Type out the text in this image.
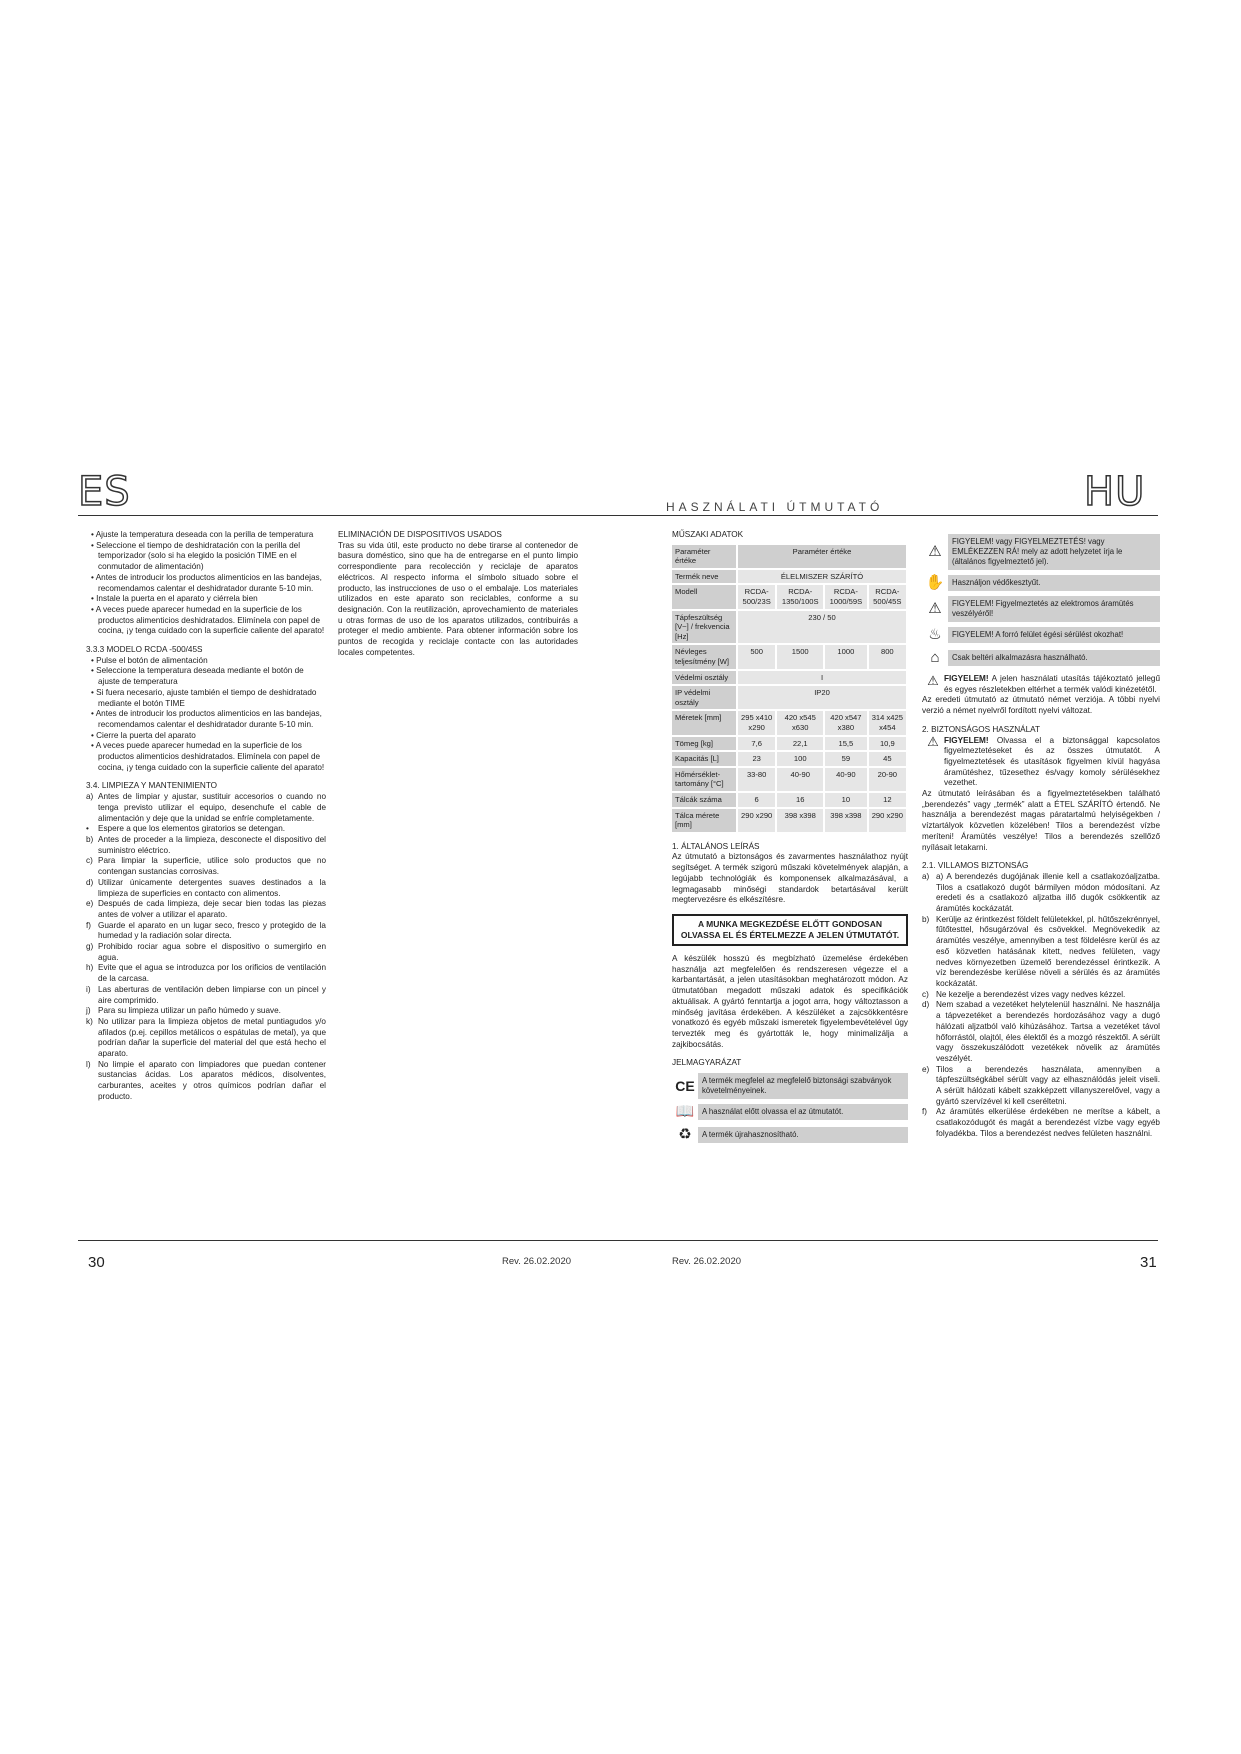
ES	HASZNÁLATI ÚTMUTATÓ	HU

• Ajuste la temperatura deseada con la perilla de temperatura

• Seleccione el tiempo de deshidratación con la perilla del temporizador (solo si ha elegido la posición TIME en el conmutador de alimentación)

• Antes de introducir los productos alimenticios en las bandejas, recomendamos calentar el deshidratador durante 5-10 min.

• Instale la puerta en el aparato y ciérrela bien

• A veces puede aparecer humedad en la superficie de los productos alimenticios deshidratados. Elimínela con papel de cocina, ¡y tenga cuidado con la superficie caliente del aparato!

3.3.3 MODELO RCDA -500/45S

• Pulse el botón de alimentación

• Seleccione la temperatura deseada mediante el botón de ajuste de temperatura

• Si fuera necesario, ajuste también el tiempo de deshidratado mediante el botón TIME

• Antes de introducir los productos alimenticios en las bandejas, recomendamos calentar el deshidratador durante 5-10 min.

• Cierre la puerta del aparato

• A veces puede aparecer humedad en la superficie de los productos alimenticios deshidratados. Elimínela con papel de cocina, ¡y tenga cuidado con la superficie caliente del aparato!

3.4. LIMPIEZA Y MANTENIMIENTO

a) Antes de limpiar y ajustar, sustituir accesorios o cuando no tenga previsto utilizar el equipo, desenchufe el cable de alimentación y deje que la unidad se enfríe completamente.
•	Espere a que los elementos giratorios se detengan.
b) Antes de proceder a la limpieza, desconecte el dispositivo del suministro eléctrico.
c) Para limpiar la superficie, utilice solo productos que no contengan sustancias corrosivas.
d) Utilizar únicamente detergentes suaves destinados a la limpieza de superficies en contacto con alimentos.
e) Después de cada limpieza, deje secar bien todas las piezas antes de volver a utilizar el aparato.
f) Guarde el aparato en un lugar seco, fresco y protegido de la humedad y la radiación solar directa.
g) Prohibido rociar agua sobre el dispositivo o sumergirlo en agua.
h) Evite que el agua se introduzca por los orificios de ventilación de la carcasa.
i) Las aberturas de ventilación deben limpiarse con un pincel y aire comprimido.
j) Para su limpieza utilizar un paño húmedo y suave.
k) No utilizar para la limpieza objetos de metal puntiagudos y/o afilados (p.ej. cepillos metálicos o espátulas de metal), ya que podrían dañar la superficie del material del que está hecho el aparato.
l) No limpie el aparato con limpiadores que puedan contener sustancias ácidas. Los aparatos médicos, disolventes, carburantes, aceites y otros químicos podrían dañar el producto.

ELIMINACIÓN DE DISPOSITIVOS USADOS

Tras su vida útil, este producto no debe tirarse al contenedor de basura doméstico, sino que ha de entregarse en el punto limpio correspondiente para recolección y reciclaje de aparatos eléctricos. Al respecto informa el símbolo situado sobre el producto, las instrucciones de uso o el embalaje. Los materiales utilizados en este aparato son reciclables, conforme a su designación. Con la reutilización, aprovechamiento de materiales u otras formas de uso de los aparatos utilizados, contribuirás a proteger el medio ambiente. Para obtener información sobre los puntos de recogida y reciclaje contacte con las autoridades locales competentes.

MŰSZAKI ADATOK

Paraméter értéke	Paraméter értéke			
Termék neve	ÉLELMISZER SZÁRÍTÓ			
Modell	RCDA-500/23S	RCDA-1350/100S	RCDA-1000/59S	RCDA-500/45S
Tápfeszültség [V~] / frekvencia [Hz]	230 / 50			
Névleges teljesítmény [W]	500	1500	1000	800
Védelmi osztály	I			
IP védelmi osztály	IP20			
Méretek [mm]	295 x410 x290	420 x545 x630	420 x547 x380	314 x425 x454
Tömeg [kg]	7,6	22,1	15,5	10,9
Kapacitás [L]	23	100	59	45
Hőmérséklet-tartomány [°C]	33-80	40-90	40-90	20-90
Tálcák száma	6	16	10	12
Tálca mérete [mm]	290 x290	398 x398	398 x398	290 x290

1. ÁLTALÁNOS LEÍRÁS

Az útmutató a biztonságos és zavarmentes használathoz nyújt segítséget. A termék szigorú műszaki követelmények alapján, a legújabb technológiák és komponensek alkalmazásával, a legmagasabb minőségi standardok betartásával került megtervezésre és elkészítésre.

A MUNKA MEGKEZDÉSE ELŐTT GONDOSAN OLVASSA EL ÉS ÉRTELMEZZE A JELEN ÚTMUTATÓT.

A készülék hosszú és megbízható üzemelése érdekében használja azt megfelelően és rendszeresen végezze el a karbantartását, a jelen utasításokban meghatározott módon. Az útmutatóban megadott műszaki adatok és specifikációk aktuálisak. A gyártó fenntartja a jogot arra, hogy változtasson a minőség javítása érdekében. A készüléket a zajcsökkentésre vonatkozó és egyéb műszaki ismeretek figyelembevételével úgy tervezték meg és gyártották le, hogy minimalizálja a zajkibocsátás.

JELMAGYARÁZAT

CE A termék megfelel az megfelelő biztonsági szabványok követelményeinek.
📖 A használat előtt olvassa el az útmutatót.
♻	A termék újrahasznosítható.
⚠
FIGYELEM! vagy FIGYELMEZTETÉS! vagy EMLÉKEZZEN RÁ! mely az adott helyzetet írja le (általános figyelmeztető jel).
✋ Használjon védőkesztyűt.
⚠	FIGYELEM! Figyelmeztetés az elektromos áramütés veszélyéről!
♨	FIGYELEM! A forró felület égési sérülést okozhat!
⌂	Csak beltéri alkalmazásra használható.
⚠ FIGYELEM! A jelen használati utasítás tájékoztató jellegű és egyes részletekben eltérhet a termék valódi kinézetétől.

Az eredeti útmutató az útmutató német verziója. A többi nyelvi verzió a német nyelvről fordított nyelvi változat.

2. BIZTONSÁGOS HASZNÁLAT

⚠ FIGYELEM! Olvassa el a biztonsággal kapcsolatos figyelmeztetéseket és az összes útmutatót. A figyelmeztetések és utasítások figyelmen kívül hagyása áramütéshez, tűzesethez és/vagy komoly sérülésekhez vezethet.

Az útmutató leírásában és a figyelmeztetésekben található „berendezés” vagy „termék” alatt a ÉTEL SZÁRÍTÓ értendő. Ne használja a berendezést magas páratartalmú helyiségekben / víztartályok közvetlen közelében! Tilos a berendezést vízbe meríteni! Áramütés veszélye! Tilos a berendezés szellőző nyílásait letakarni.

2.1. VILLAMOS BIZTONSÁG

a) a) A berendezés dugójának illenie kell a csatlakozóaljzatba. Tilos a csatlakozó dugót bármilyen módon módosítani. Az eredeti és a csatlakozó aljzatba illő dugók csökkentik az áramütés kockázatát.
b) Kerülje az érintkezést földelt felületekkel, pl. hűtőszekrénnyel, fűtőtesttel, hősugárzóval és csövekkel. Megnövekedik az áramütés veszélye, amennyiben a test földelésre kerül és az eső közvetlen hatásának kitett, nedves felületen, vagy nedves környezetben üzemelő berendezéssel érintkezik. A víz berendezésbe kerülése növeli a sérülés és az áramütés kockázatát.
c) Ne kezelje a berendezést vizes vagy nedves kézzel.
d) Nem szabad a vezetéket helytelenül használni. Ne használja a tápvezetéket a berendezés hordozásához vagy a dugó hálózati aljzatból való kihúzásához. Tartsa a vezetéket távol hőforrástól, olajtól, éles élektől és a mozgó részektől. A sérült vagy összekuszálódott vezetékek növelik az áramütés veszélyét.
e) Tilos a berendezés használata, amennyiben a tápfeszültségkábel sérült vagy az elhasználódás jeleit viseli. A sérült hálózati kábelt szakképzett villanyszerelővel, vagy a gyártó szervízével ki kell cseréltetni.
f)	Az áramütés elkerülése érdekében ne merítse a kábelt, a csatlakozódugót és magát a berendezést vízbe vagy egyéb folyadékba. Tilos a berendezést nedves felületen használni.
30	Rev. 26.02.2020	Rev. 26.02.2020	31
